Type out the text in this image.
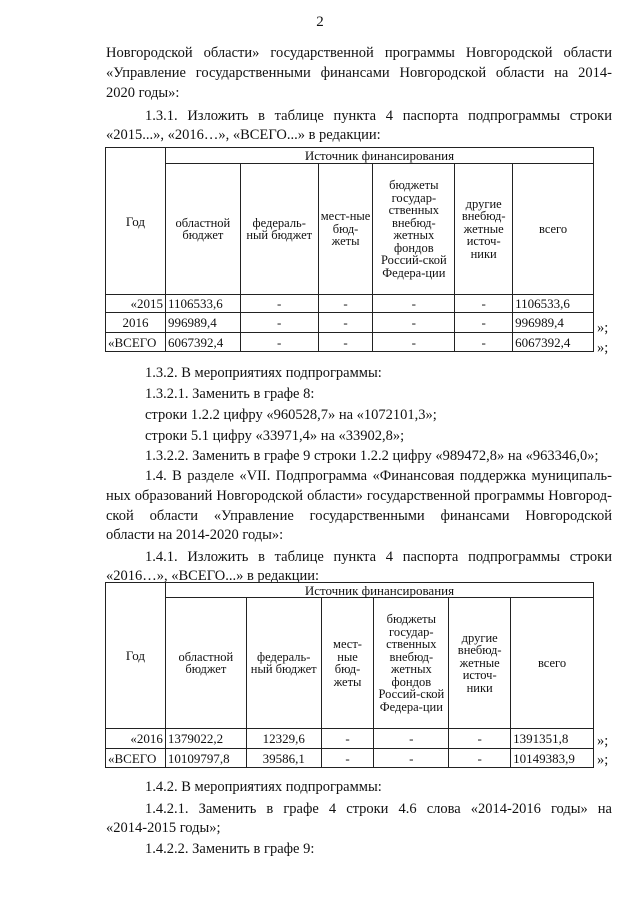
2
Новгородской области» государственной программы Новгородской области
«Управление государственными финансами Новгородской области на 2014-
2020 годы»:
1.3.1. Изложить в таблице пункта 4 паспорта подпрограммы строки
«2015...», «2016…», «ВСЕГО...» в редакции:
Год	Источник финансирования					
	областной бюджет	федераль-ный бюджет	мест-ные бюд-жеты	бюджеты государ-ственных внебюд-жетных фондов Россий-ской Федера-ции	другие внебюд-жетные источ-ники	всего
«2015	1106533,6	-	-	-	-	1106533,6
2016	996989,4	-	-	-	-	996989,4
«ВСЕГО	6067392,4	-	-	-	-	6067392,4
»;
»;
1.3.2. В мероприятиях подпрограммы:
1.3.2.1. Заменить в графе 8:
строки 1.2.2 цифру «960528,7» на «1072101,3»;
строки 5.1 цифру «33971,4» на «33902,8»;
1.3.2.2. Заменить в графе 9 строки 1.2.2 цифру «989472,8» на «963346,0»;
1.4. В разделе «VII. Подпрограмма «Финансовая поддержка муниципаль-
ных образований Новгородской области» государственной программы Новгород-
ской области «Управление государственными финансами Новгородской
области на 2014-2020 годы»:
1.4.1. Изложить в таблице пункта 4 паспорта подпрограммы строки
«2016…», «ВСЕГО...» в редакции:
Год	Источник финансирования					
	областной бюджет	федераль-ный бюджет	мест-ные бюд-жеты	бюджеты государ-ственных внебюд-жетных фондов Россий-ской Федера-ции	другие внебюд-жетные источ-ники	всего
«2016	1379022,2	12329,6	-	-	-	1391351,8
«ВСЕГО	10109797,8	39586,1	-	-	-	10149383,9
»;
»;
1.4.2. В мероприятиях подпрограммы:
1.4.2.1. Заменить в графе 4 строки 4.6 слова «2014-2016 годы» на
«2014-2015 годы»;
1.4.2.2. Заменить в графе 9:
